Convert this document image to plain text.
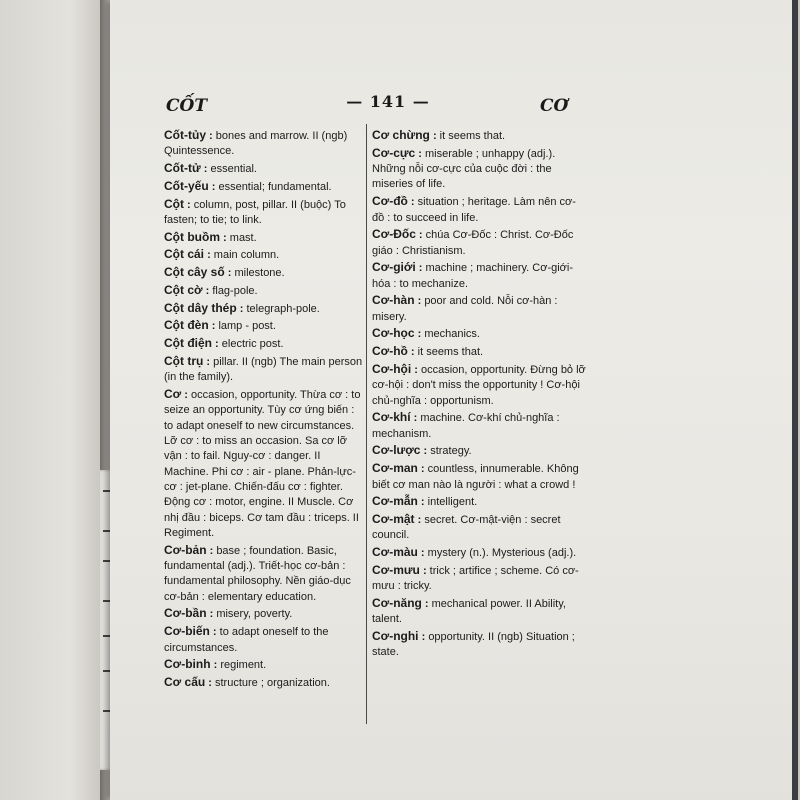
CỐT	— 141 —	CƠ
Cốt-tủy : bones and marrow. II (ngb) Quintessence.
Cốt-tử : essential.
Cốt-yếu : essential; fundamental.
Cột : column, post, pillar. II (buộc) To fasten; to tie; to link.
Cột buồm : mast.
Cột cái : main column.
Cột cây số : milestone.
Cột cờ : flag-pole.
Cột dây thép : telegraph-pole.
Cột đèn : lamp - post.
Cột điện : electric post.
Cột trụ : pillar. II (ngb) The main person (in the family).
Cơ : occasion, opportunity. Thừa cơ : to seize an opportunity. Tùy cơ ứng biến : to adapt oneself to new circumstances. Lỡ cơ : to miss an occasion. Sa cơ lỡ vận : to fail. Nguy-cơ : danger. II Machine. Phi cơ : air - plane. Phản-lực-cơ : jet-plane. Chiến-đấu cơ : fighter. Động cơ : motor, engine. II Muscle. Cơ nhị đầu : biceps. Cơ tam đầu : triceps. II Regiment.
Cơ-bản : base ; foundation. Basic, fundamental (adj.). Triết-học cơ-bản : fundamental philosophy. Nền giáo-dục cơ-bản : elementary education.
Cơ-bần : misery, poverty.
Cơ-biến : to adapt oneself to the circumstances.
Cơ-binh : regiment.
Cơ cấu : structure ; organization.
Cơ chừng : it seems that.
Cơ-cực : miserable ; unhappy (adj.). Những nỗi cơ-cực của cuộc đời : the miseries of life.
Cơ-đồ : situation ; heritage. Làm nên cơ-đồ : to succeed in life.
Cơ-Đốc : chúa Cơ-Đốc : Christ. Cơ-Đốc giáo : Christianism.
Cơ-giới : machine ; machinery. Cơ-giới-hóa : to mechanize.
Cơ-hàn : poor and cold. Nỗi cơ-hàn : misery.
Cơ-học : mechanics.
Cơ-hồ : it seems that.
Cơ-hội : occasion, opportunity. Đừng bỏ lỡ cơ-hội : don't miss the opportunity ! Cơ-hội chủ-nghĩa : opportunism.
Cơ-khí : machine. Cơ-khí chủ-nghĩa : mechanism.
Cơ-lược : strategy.
Cơ-man : countless, innumerable. Không biết cơ man nào là người : what a crowd !
Cơ-mẫn : intelligent.
Cơ-mật : secret. Cơ-mật-viện : secret council.
Cơ-màu : mystery (n.). Mysterious (adj.).
Cơ-mưu : trick ; artifice ; scheme. Có cơ-mưu : tricky.
Cơ-năng : mechanical power. II Ability, talent.
Cơ-nghi : opportunity. II (ngb) Situation ; state.
